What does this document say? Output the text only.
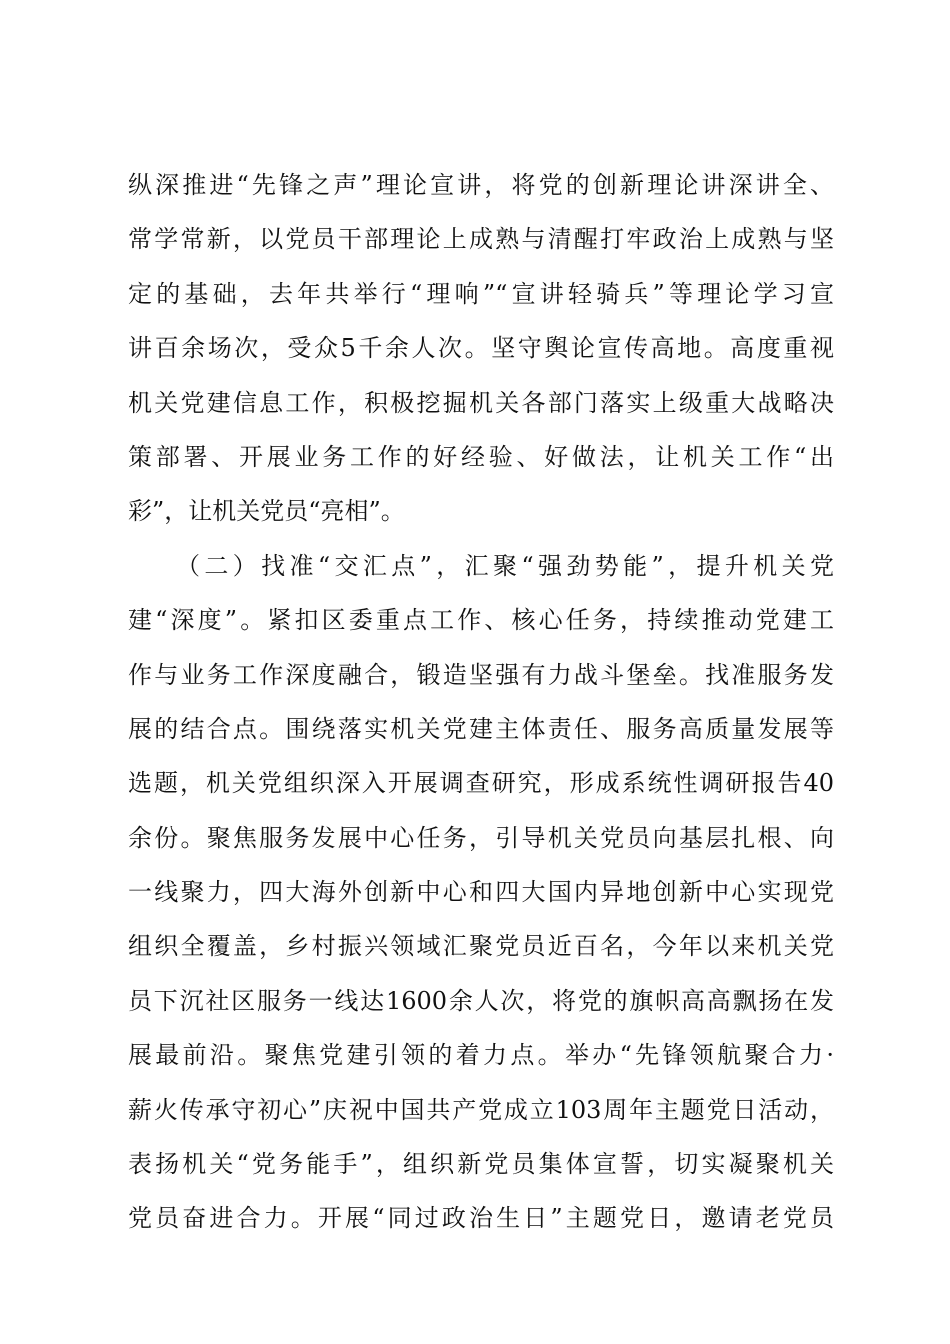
纵深推进“先锋之声”理论宣讲，将党的创新理论讲深讲全、
常学常新，以党员干部理论上成熟与清醒打牢政治上成熟与坚
定的基础，去年共举行“理响”“宣讲轻骑兵”等理论学习宣
讲百余场次，受众5千余人次。坚守舆论宣传高地。高度重视
机关党建信息工作，积极挖掘机关各部门落实上级重大战略决
策部署、开展业务工作的好经验、好做法，让机关工作“出
彩”，让机关党员“亮相”。
（二）找准“交汇点”，汇聚“强劲势能”，提升机关党
建“深度”。紧扣区委重点工作、核心任务，持续推动党建工
作与业务工作深度融合，锻造坚强有力战斗堡垒。找准服务发
展的结合点。围绕落实机关党建主体责任、服务高质量发展等
选题，机关党组织深入开展调查研究，形成系统性调研报告40
余份。聚焦服务发展中心任务，引导机关党员向基层扎根、向
一线聚力，四大海外创新中心和四大国内异地创新中心实现党
组织全覆盖，乡村振兴领域汇聚党员近百名，今年以来机关党
员下沉社区服务一线达1600余人次，将党的旗帜高高飘扬在发
展最前沿。聚焦党建引领的着力点。举办“先锋领航聚合力·
薪火传承守初心”庆祝中国共产党成立103周年主题党日活动，
表扬机关“党务能手”，组织新党员集体宣誓，切实凝聚机关
党员奋进合力。开展“同过政治生日”主题党日，邀请老党员
